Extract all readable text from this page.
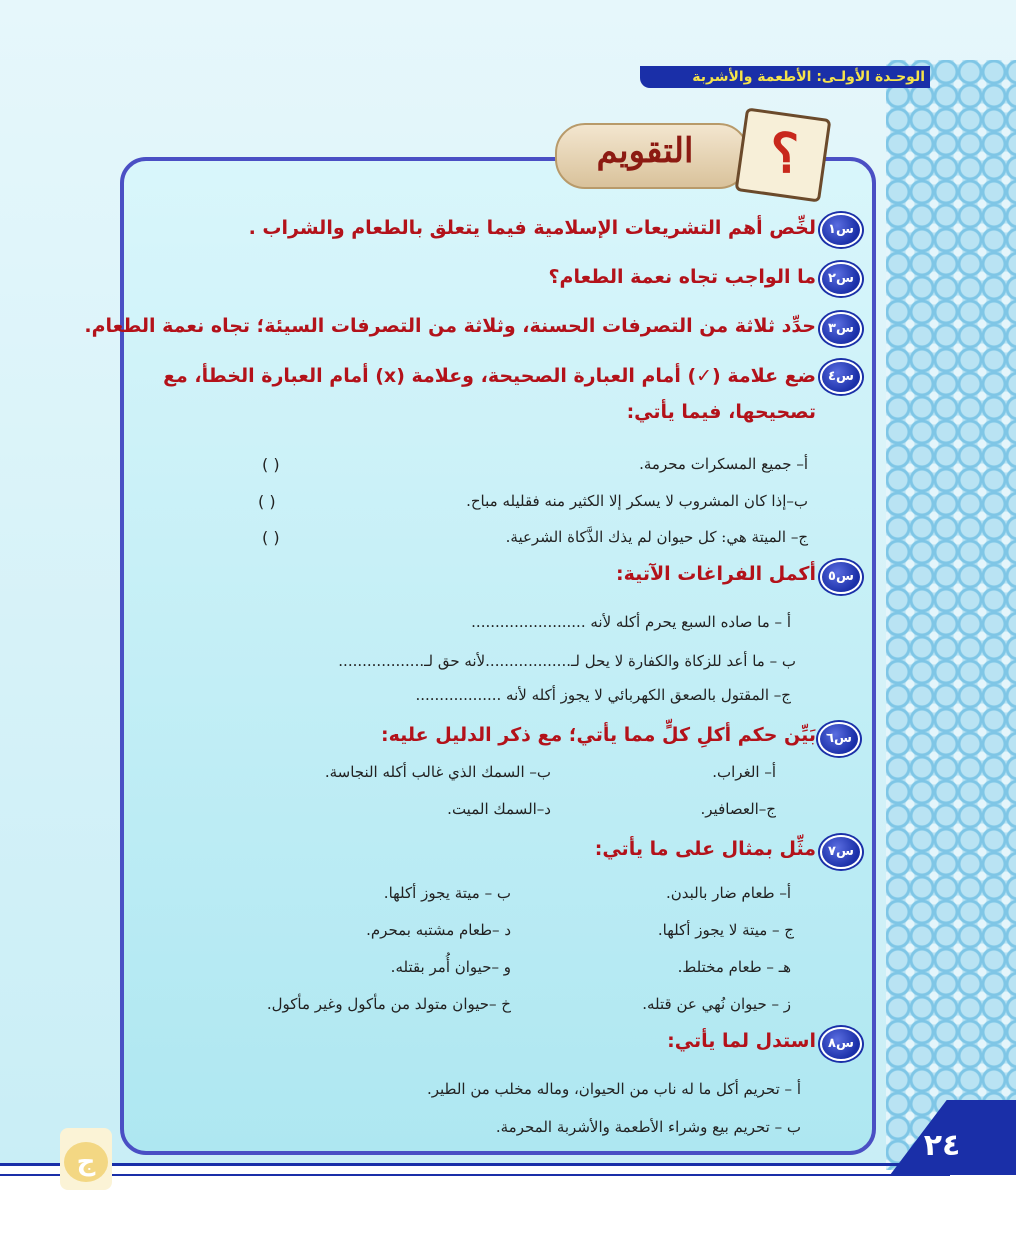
الوحـدة الأولـى: الأطعمة والأشربة
التقويم	؟
س١
لخِّص أهم التشريعات الإسلامية فيما يتعلق بالطعام والشراب .
س٢
ما الواجب تجاه نعمة الطعام؟
س٣
حدِّد ثلاثة من التصرفات الحسنة، وثلاثة من التصرفات السيئة؛ تجاه نعمة الطعام.
س٤
ضع علامة (✓) أمام العبارة الصحيحة، وعلامة (x) أمام العبارة الخطأ، مع تصحيحها، فيما يأتي:
أ– جميع المسكرات محرمة.
( )
ب–إذا كان المشروب لا يسكر إلا الكثير منه فقليله مباح.
( )
ج– الميتة هي: كل حيوان لم يذك الذَّكاة الشرعية.
( )
س٥
أكمل الفراغات الآتية:
أ – ما صاده السبع يحرم أكله لأنه ........................
ب – ما أعد للزكاة والكفارة لا يحل لـ..................لأنه حق لـ..................
ج– المقتول بالصعق الكهربائي لا يجوز أكله لأنه ..................
س٦
بَيِّن حكم أكلِ كلٍّ مما يأتي؛ مع ذكر الدليل عليه:
أ– الغراب.
ب– السمك الذي غالب أكله النجاسة.
ج–العصافير.
د–السمك الميت.
س٧
مثِّل بمثال على ما يأتي:
أ– طعام ضار بالبدن.
ب – ميتة يجوز أكلها.
ج – ميتة لا يجوز أكلها.
د –طعام مشتبه بمحرم.
هـ – طعام مختلط.
و –حيوان أُمر بقتله.
ز – حيوان نُهي عن قتله.
خ –حيوان متولد من مأكول وغير مأكول.
س٨
استدل لما يأتي:
أ – تحريم أكل ما له ناب من الحيوان، وماله مخلب من الطير.
ب – تحريم بيع وشراء الأطعمة والأشربة المحرمة.
٢٤
ج
